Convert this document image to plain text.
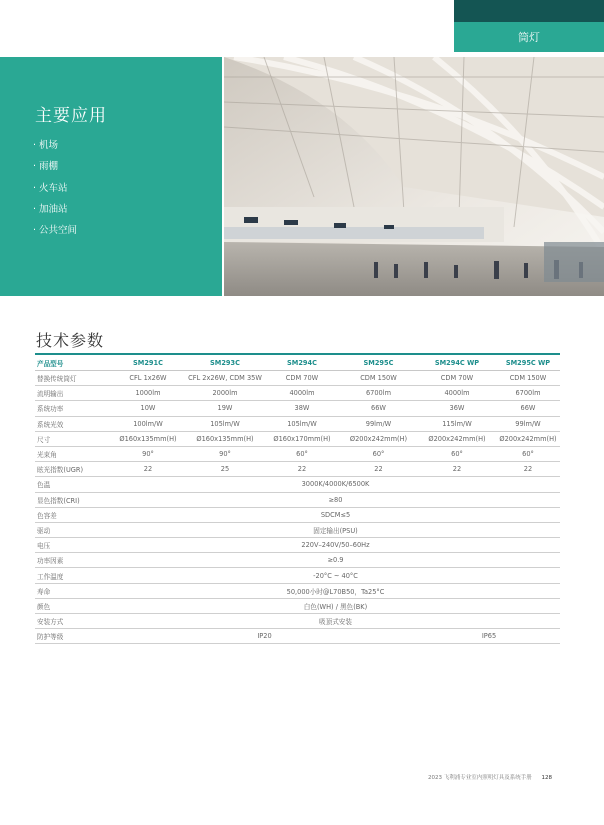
筒灯
主要应用
· 机场
· 雨棚
· 火车站
· 加油站
· 公共空间
技术参数
产品型号	SM291C	SM293C	SM294C	SM295C	SM294C WP	SM295C WP
替换传统筒灯	CFL 1x26W	CFL 2x26W, CDM 35W	CDM 70W	CDM 150W	CDM 70W	CDM 150W
流明输出	1000lm	2000lm	4000lm	6700lm	4000lm	6700lm
系统功率	10W	19W	38W	66W	36W	66W
系统光效	100lm/W	105lm/W	105lm/W	99lm/W	115lm/W	99lm/W
尺寸	Ø160x135mm(H)	Ø160x135mm(H)	Ø160x170mm(H)	Ø200x242mm(H)	Ø200x242mm(H)	Ø200x242mm(H)
光束角	90°	90°	60°	60°	60°	60°
眩光指数(UGR)	22	25	22	22	22	22
色温	3000K/4000K/6500K					
显色指数(CRI)	≥80					
色容差	SDCM≤5					
驱动	固定输出(PSU)					
电压	220V–240V/50–60Hz					
功率因素	≥0.9					
工作温度	-20°C ~ 40°C					
寿命	50,000小时@L70B50，Ta25°C					
颜色	白色(WH) / 黑色(BK)					
安装方式	吸顶式安装					
防护等级	IP20				IP65	
2023 飞利浦专业室内照明灯具及系统手册 128
